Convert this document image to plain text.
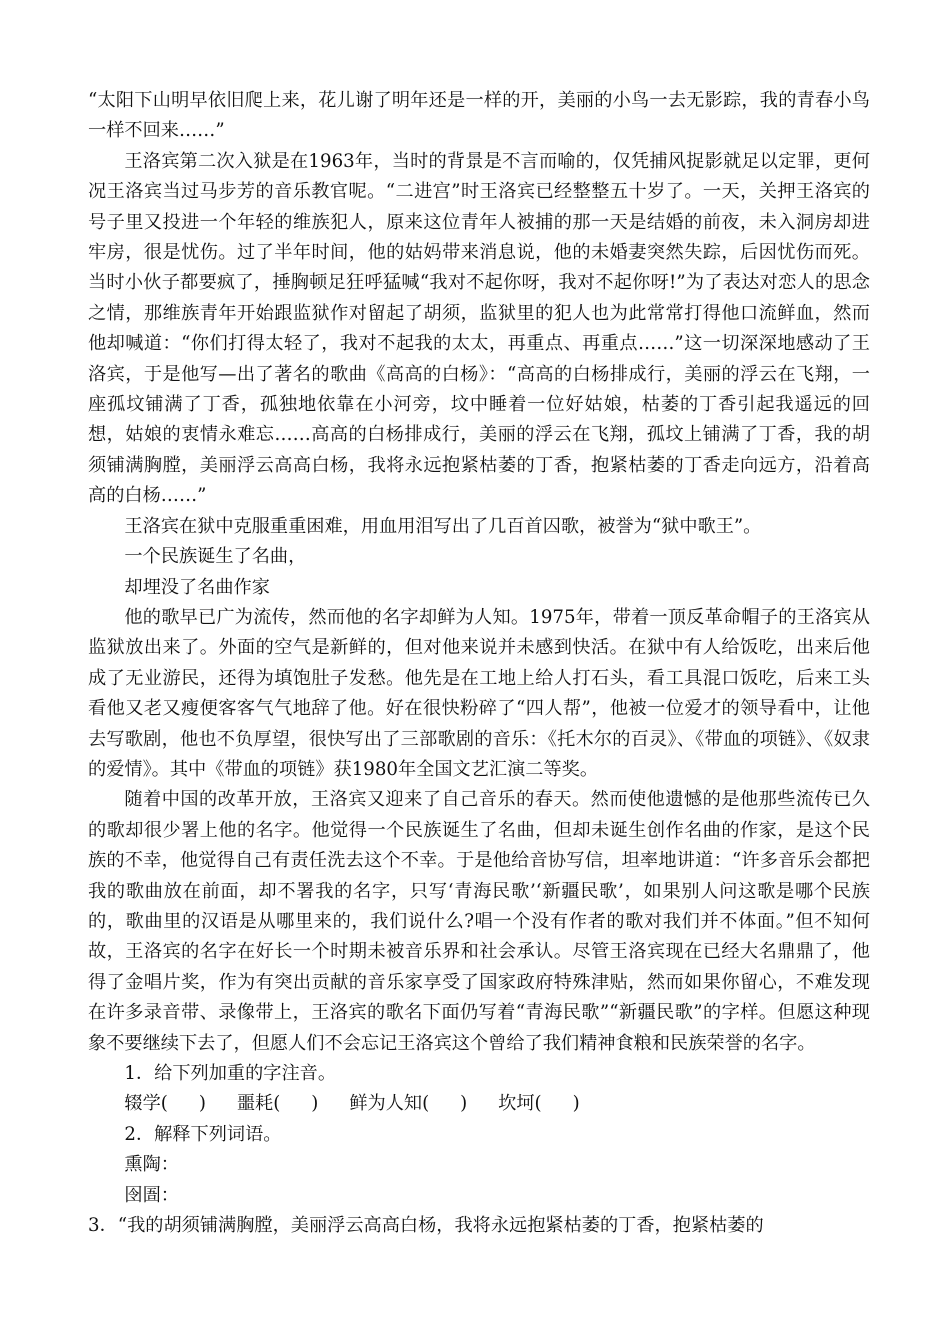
“太阳下山明早依旧爬上来，花儿谢了明年还是一样的开，美丽的小鸟一去无影踪，我的青春小鸟一样不回来……”

王洛宾第二次入狱是在1963年，当时的背景是不言而喻的，仅凭捕风捉影就足以定罪，更何况王洛宾当过马步芳的音乐教官呢。“二进宫”时王洛宾已经整整五十岁了。一天，关押王洛宾的号子里又投进一个年轻的维族犯人，原来这位青年人被捕的那一天是结婚的前夜，未入洞房却进牢房，很是忧伤。过了半年时间，他的姑妈带来消息说，他的未婚妻突然失踪，后因忧伤而死。当时小伙子都要疯了，捶胸顿足狂呼猛喊“我对不起你呀，我对不起你呀!”为了表达对恋人的思念之情，那维族青年开始跟监狱作对留起了胡须，监狱里的犯人也为此常常打得他口流鲜血，然而他却喊道：“你们打得太轻了，我对不起我的太太，再重点、再重点……”这一切深深地感动了王洛宾，于是他写—出了著名的歌曲《高高的白杨》：“高高的白杨排成行，美丽的浮云在飞翔，一座孤坟铺满了丁香，孤独地依靠在小河旁，坟中睡着一位好姑娘，枯萎的丁香引起我遥远的回想，姑娘的衷情永难忘……高高的白杨排成行，美丽的浮云在飞翔，孤坟上铺满了丁香，我的胡须铺满胸膛，美丽浮云高高白杨，我将永远抱紧枯萎的丁香，抱紧枯萎的丁香走向远方，沿着高高的白杨……”

王洛宾在狱中克服重重困难，用血用泪写出了几百首囚歌，被誉为“狱中歌王”。

一个民族诞生了名曲，

却埋没了名曲作家

他的歌早已广为流传，然而他的名字却鲜为人知。1975年，带着一顶反革命帽子的王洛宾从监狱放出来了。外面的空气是新鲜的，但对他来说并未感到快活。在狱中有人给饭吃，出来后他成了无业游民，还得为填饱肚子发愁。他先是在工地上给人打石头，看工具混口饭吃，后来工头看他又老又瘦便客客气气地辞了他。好在很快粉碎了“四人帮”，他被一位爱才的领导看中，让他去写歌剧，他也不负厚望，很快写出了三部歌剧的音乐：《托木尔的百灵》、《带血的项链》、《奴隶的爱情》。其中《带血的项链》获1980年全国文艺汇演二等奖。

随着中国的改革开放，王洛宾又迎来了自己音乐的春天。然而使他遗憾的是他那些流传已久的歌却很少署上他的名字。他觉得一个民族诞生了名曲，但却未诞生创作名曲的作家，是这个民族的不幸，他觉得自己有责任洗去这个不幸。于是他给音协写信，坦率地讲道：“许多音乐会都把我的歌曲放在前面，却不署我的名字，只写‘青海民歌’‘新疆民歌’，如果别人问这歌是哪个民族的，歌曲里的汉语是从哪里来的，我们说什么?唱一个没有作者的歌对我们并不体面。”但不知何故，王洛宾的名字在好长一个时期未被音乐界和社会承认。尽管王洛宾现在已经大名鼎鼎了，他得了金唱片奖，作为有突出贡献的音乐家享受了国家政府特殊津贴，然而如果你留心，不难发现在许多录音带、录像带上，王洛宾的歌名下面仍写着“青海民歌”“新疆民歌”的字样。但愿这种现象不要继续下去了，但愿人们不会忘记王洛宾这个曾给了我们精神食粮和民族荣誉的名字。

1．给下列加重的字注音。

辍学( ) 噩耗( ) 鲜为人知( ) 坎坷( )

2．解释下列词语。

熏陶：

囹圄：

3．“我的胡须铺满胸膛，美丽浮云高高白杨，我将永远抱紧枯萎的丁香，抱紧枯萎的
